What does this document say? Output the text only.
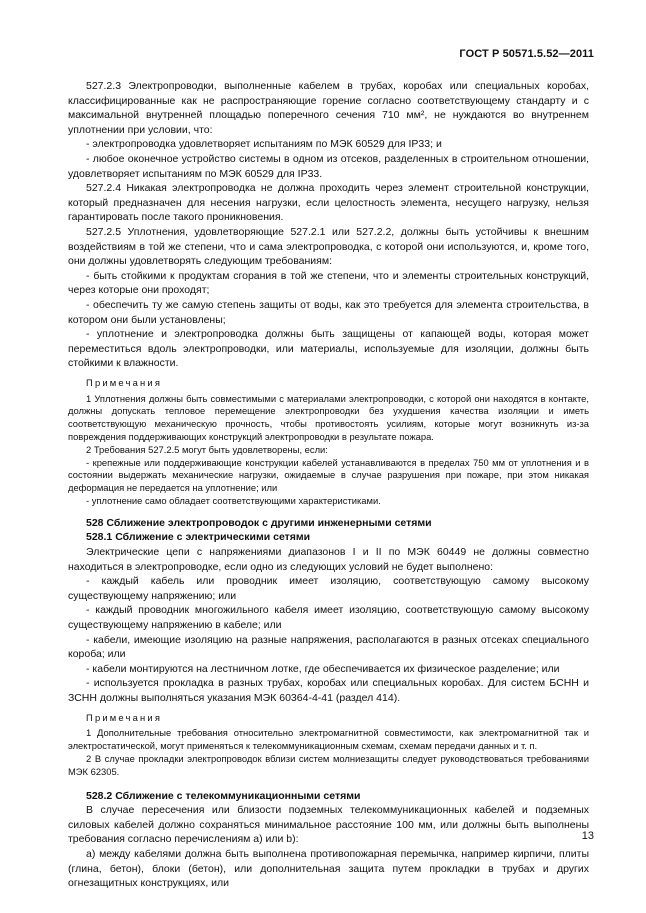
ГОСТ Р 50571.5.52—2011

527.2.3 Электропроводки, выполненные кабелем в трубах, коробах или специальных коробах, классифицированные как не распространяющие горение согласно соответствующему стандарту и с максимальной внутренней площадью поперечного сечения 710 мм², не нуждаются во внутреннем уплотнении при условии, что:

- электропроводка удовлетворяет испытаниям по МЭК 60529 для IP33; и

- любое оконечное устройство системы в одном из отсеков, разделенных в строительном отношении, удовлетворяет испытаниям по МЭК 60529 для IP33.

527.2.4 Никакая электропроводка не должна проходить через элемент строительной конструкции, который предназначен для несения нагрузки, если целостность элемента, несущего нагрузку, нельзя гарантировать после такого проникновения.

527.2.5 Уплотнения, удовлетворяющие 527.2.1 или 527.2.2, должны быть устойчивы к внешним воздействиям в той же степени, что и сама электропроводка, с которой они используются, и, кроме того, они должны удовлетворять следующим требованиям:

- быть стойкими к продуктам сгорания в той же степени, что и элементы строительных конструкций, через которые они проходят;

- обеспечить ту же самую степень защиты от воды, как это требуется для элемента строительства, в котором они были установлены;

- уплотнение и электропроводка должны быть защищены от капающей воды, которая может переместиться вдоль электропроводки, или материалы, используемые для изоляции, должны быть стойкими к влажности.

Примечания

1 Уплотнения должны быть совместимыми с материалами электропроводки, с которой они находятся в контакте, должны допускать тепловое перемещение электропроводки без ухудшения качества изоляции и иметь соответствующую механическую прочность, чтобы противостоять усилиям, которые могут возникнуть из-за повреждения поддерживающих конструкций электропроводки в результате пожара.

2 Требования 527.2.5 могут быть удовлетворены, если:

- крепежные или поддерживающие конструкции кабелей устанавливаются в пределах 750 мм от уплотнения и в состоянии выдержать механические нагрузки, ожидаемые в случае разрушения при пожаре, при этом никакая деформация не передается на уплотнение; или

- уплотнение само обладает соответствующими характеристиками.

528 Сближение электропроводок с другими инженерными сетями

528.1 Сближение с электрическими сетями

Электрические цепи с напряжениями диапазонов I и II по МЭК 60449 не должны совместно находиться в электропроводке, если одно из следующих условий не будет выполнено:

- каждый кабель или проводник имеет изоляцию, соответствующую самому высокому существующему напряжению; или

- каждый проводник многожильного кабеля имеет изоляцию, соответствующую самому высокому существующему напряжению в кабеле; или

- кабели, имеющие изоляцию на разные напряжения, располагаются в разных отсеках специального короба; или

- кабели монтируются на лестничном лотке, где обеспечивается их физическое разделение; или

- используется прокладка в разных трубах, коробах или специальных коробах. Для систем БСНН и ЗСНН должны выполняться указания МЭК 60364-4-41 (раздел 414).

Примечания

1 Дополнительные требования относительно электромагнитной совместимости, как электромагнитной так и электростатической, могут применяться к телекоммуникационным схемам, схемам передачи данных и т. п.

2 В случае прокладки электропроводок вблизи систем молниезащиты следует руководствоваться требованиями МЭК 62305.

528.2 Сближение с телекоммуникационными сетями

В случае пересечения или близости подземных телекоммуникационных кабелей и подземных силовых кабелей должно сохраняться минимальное расстояние 100 мм, или должны быть выполнены требования согласно перечислениям а) или b):

a) между кабелями должна быть выполнена противопожарная перемычка, например кирпичи, плиты (глина, бетон), блоки (бетон), или дополнительная защита путем прокладки в трубах и других огнезащитных конструкциях, или

13
